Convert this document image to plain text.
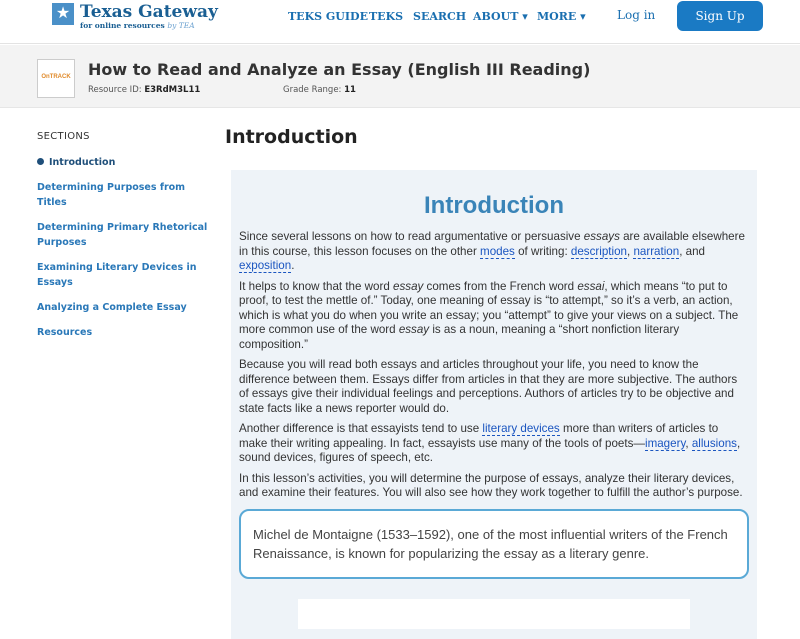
★ Texas Gateway
for online resources by TEA
TEKS GUIDE TEKS SEARCH ABOUT ▾ MORE ▾	Log in	Sign Up
OnTRACK How to Read and Analyze an Essay (English III Reading)
Resource ID: E3RdM3L11	Grade Range: 11
SECTIONS
Introduction
Determining Purposes from Titles
Determining Primary Rhetorical Purposes
Examining Literary Devices in Essays
Analyzing a Complete Essay
Resources
Introduction
Introduction

Since several lessons on how to read argumentative or persuasive essays are available elsewhere in this course, this lesson focuses on the other modes of writing: description, narration, and exposition.

It helps to know that the word essay comes from the French word essai, which means “to put to proof, to test the mettle of.” Today, one meaning of essay is “to attempt,” so it’s a verb, an action, which is what you do when you write an essay; you “attempt” to give your views on a subject. The more common use of the word essay is as a noun, meaning a “short nonfiction literary composition.”

Because you will read both essays and articles throughout your life, you need to know the difference between them. Essays differ from articles in that they are more subjective. The authors of essays give their individual feelings and perceptions. Authors of articles try to be objective and state facts like a news reporter would do.

Another difference is that essayists tend to use literary devices more than writers of articles to make their writing appealing. In fact, essayists use many of the tools of poets—imagery, allusions, sound devices, figures of speech, etc.

In this lesson’s activities, you will determine the purpose of essays, analyze their literary devices, and examine their features. You will also see how they work together to fulfill the author’s purpose.

Michel de Montaigne (1533–1592), one of the most influential writers of the French Renaissance, is known for popularizing the essay as a literary genre.
